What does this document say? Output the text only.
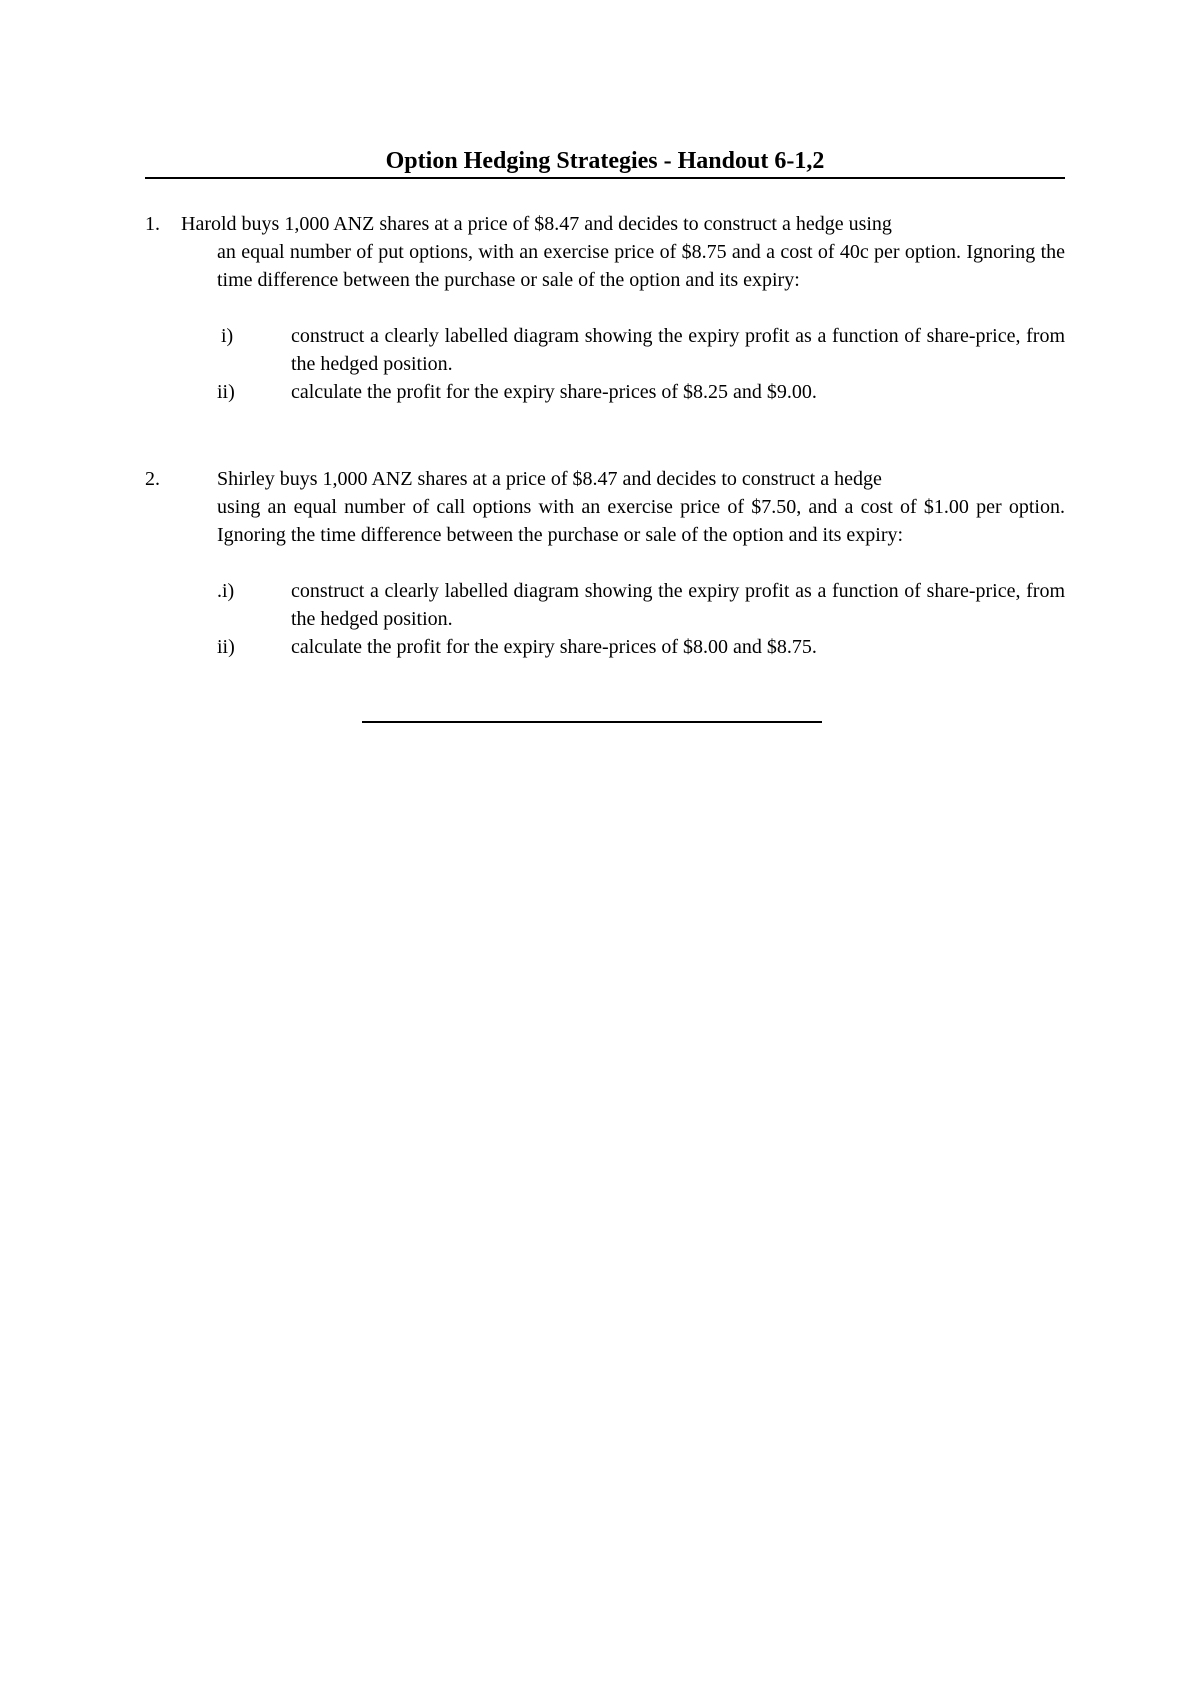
Option Hedging Strategies - Handout 6-1,2
1. Harold buys 1,000 ANZ shares at a price of $8.47 and decides to construct a hedge using
an equal number of put options, with an exercise price of $8.75 and a cost of 40c per option. Ignoring the time difference between the purchase or sale of the option and its expiry:
i)	construct a clearly labelled diagram showing the expiry profit as a function of share-price, from the hedged position.
ii)	calculate the profit for the expiry share-prices of $8.25 and $9.00.
2.	Shirley buys 1,000 ANZ shares at a price of $8.47 and decides to construct a hedge
using an equal number of call options with an exercise price of $7.50, and a cost of $1.00 per option. Ignoring the time difference between the purchase or sale of the option and its expiry:
.i)	construct a clearly labelled diagram showing the expiry profit as a function of share-price, from the hedged position.
ii)	calculate the profit for the expiry share-prices of $8.00 and $8.75.
